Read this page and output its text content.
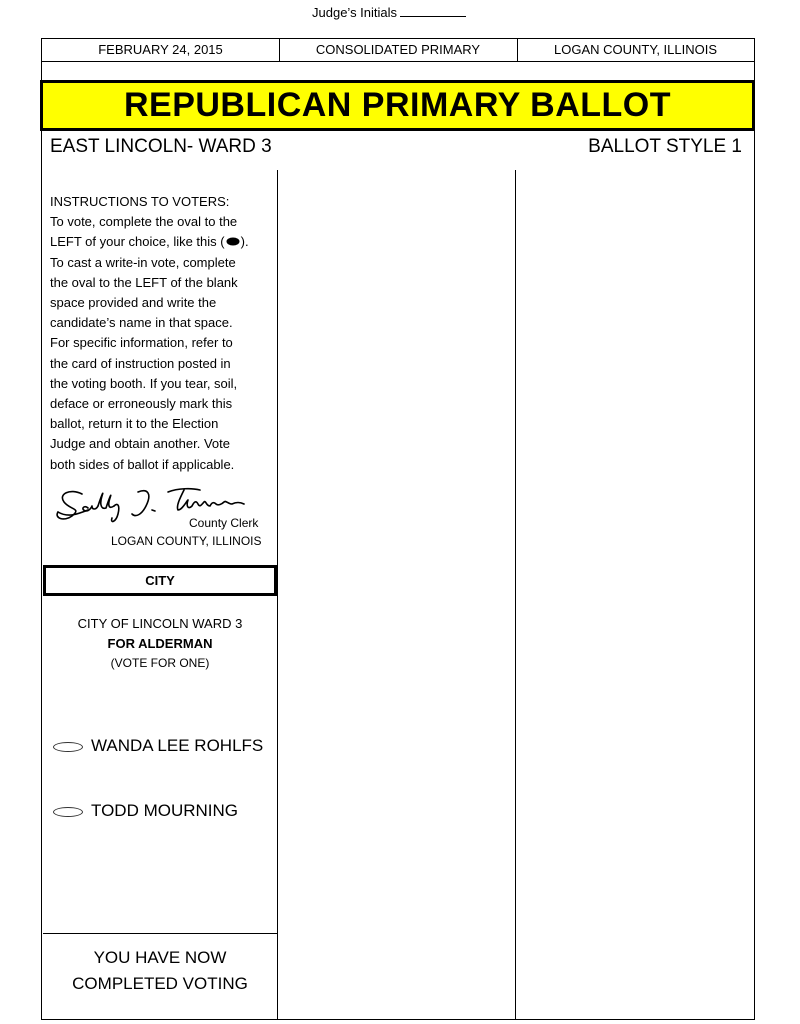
Judge’s Initials
FEBRUARY 24, 2015	CONSOLIDATED PRIMARY	LOGAN COUNTY, ILLINOIS
REPUBLICAN PRIMARY BALLOT
EAST LINCOLN- WARD 3	BALLOT STYLE 1
INSTRUCTIONS TO VOTERS:
To vote, complete the oval to the
LEFT of your choice, like this ( ).
To cast a write-in vote, complete
the oval to the LEFT of the blank
space provided and write the
candidate’s name in that space.
For specific information, refer to
the card of instruction posted in
the voting booth. If you tear, soil,
deface or erroneously mark this
ballot, return it to the Election
Judge and obtain another. Vote
both sides of ballot if applicable.
County Clerk
LOGAN COUNTY, ILLINOIS
CITY
CITY OF LINCOLN WARD 3
FOR ALDERMAN
(VOTE FOR ONE)
WANDA LEE ROHLFS
TODD MOURNING
YOU HAVE NOW
COMPLETED VOTING
